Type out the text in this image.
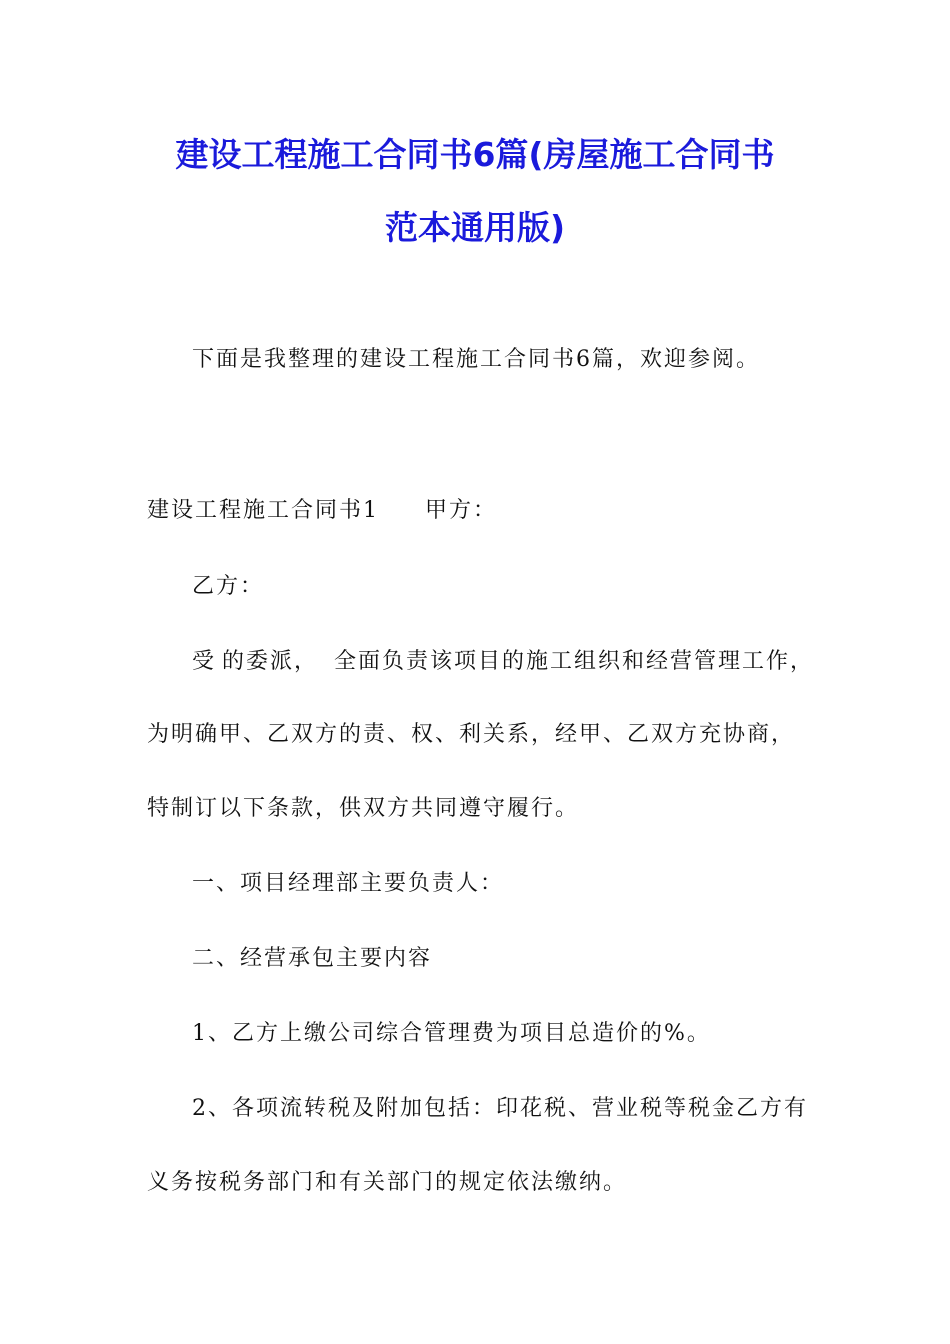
建设工程施工合同书6篇(房屋施工合同书
范本通用版)
下面是我整理的建设工程施工合同书6篇，欢迎参阅。
建设工程施工合同书1 甲方：
乙方：
受 的委派， 全面负责该项目的施工组织和经营管理工作，
为明确甲、乙双方的责、权、利关系，经甲、乙双方充协商，
特制订以下条款，供双方共同遵守履行。
一、项目经理部主要负责人：
二、经营承包主要内容
1、乙方上缴公司综合管理费为项目总造价的%。
2、各项流转税及附加包括：印花税、营业税等税金乙方有
义务按税务部门和有关部门的规定依法缴纳。
